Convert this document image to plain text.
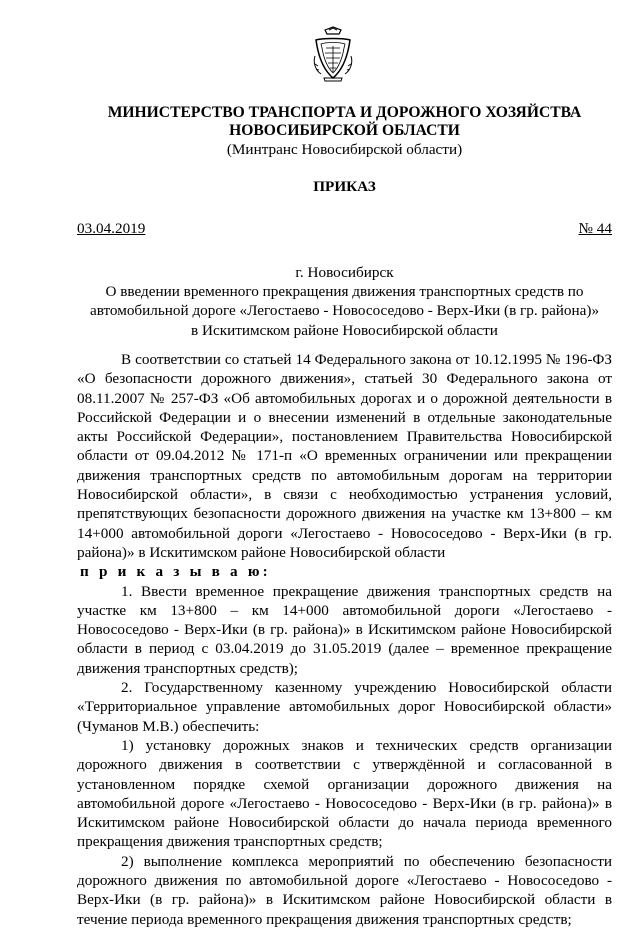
МИНИСТЕРСТВО ТРАНСПОРТА И ДОРОЖНОГО ХОЗЯЙСТВА
НОВОСИБИРСКОЙ ОБЛАСТИ
(Минтранс Новосибирской области)
ПРИКАЗ
03.04.2019	№ 44
г. Новосибирск
О введении временного прекращения движения транспортных средств по автомобильной дороге «Легостаево - Новососедово - Верх-Ики (в гр. района)» в Искитимском районе Новосибирской области

В соответствии со статьей 14 Федерального закона от 10.12.1995 № 196-ФЗ «О безопасности дорожного движения», статьей 30 Федерального закона от 08.11.2007 № 257-ФЗ «Об автомобильных дорогах и о дорожной деятельности в Российской Федерации и о внесении изменений в отдельные законодательные акты Российской Федерации», постановлением Правительства Новосибирской области от 09.04.2012 № 171-п «О временных ограничении или прекращении движения транспортных средств по автомобильным дорогам на территории Новосибирской области», в связи с необходимостью устранения условий, препятствующих безопасности дорожного движения на участке км 13+800 – км 14+000 автомобильной дороги «Легостаево - Новососедово - Верх-Ики (в гр. района)» в Искитимском районе Новосибирской области

п р и к а з ы в а ю:

1. Ввести временное прекращение движения транспортных средств на участке км 13+800 – км 14+000 автомобильной дороги «Легостаево - Новососедово - Верх-Ики (в гр. района)» в Искитимском районе Новосибирской области в период с 03.04.2019 до 31.05.2019 (далее – временное прекращение движения транспортных средств);

2. Государственному казенному учреждению Новосибирской области «Территориальное управление автомобильных дорог Новосибирской области» (Чуманов М.В.) обеспечить:

1) установку дорожных знаков и технических средств организации дорожного движения в соответствии с утверждённой и согласованной в установленном порядке схемой организации дорожного движения на автомобильной дороге «Легостаево - Новососедово - Верх-Ики (в гр. района)» в Искитимском районе Новосибирской области до начала периода временного прекращения движения транспортных средств;

2) выполнение комплекса мероприятий по обеспечению безопасности дорожного движения по автомобильной дороге «Легостаево - Новососедово - Верх-Ики (в гр. района)» в Искитимском районе Новосибирской области в течение периода временного прекращения движения транспортных средств;
